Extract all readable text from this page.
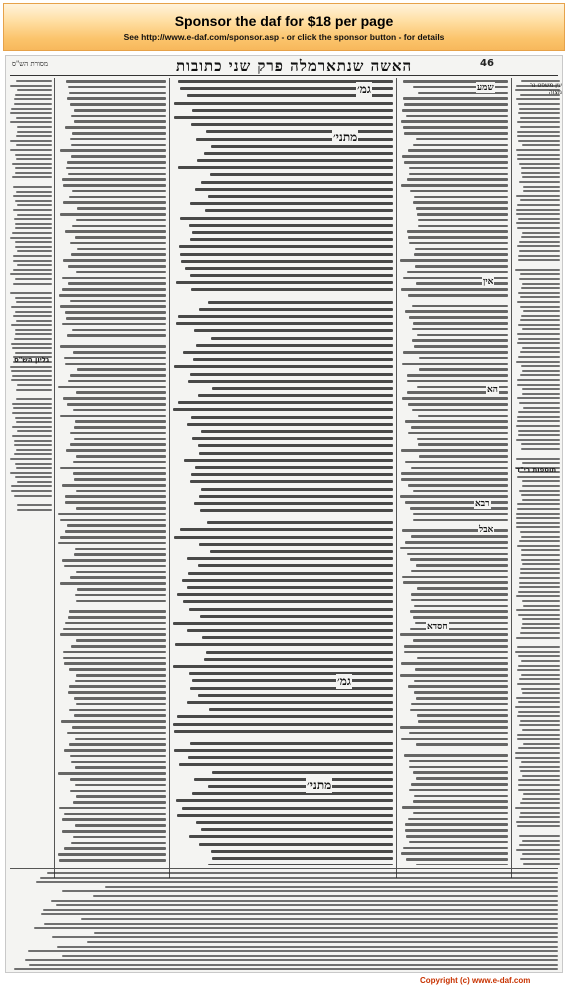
Sponsor the daf for $18 per page
See http://www.e-daf.com/sponsor.asp - or click the sponsor button - for details
מסורת הש"ס	האשה שנתארמלה פרק שני כתובות	46
גמ׳
מתני׳
שמע
אין
הא
רבא
אבל
גמ׳
מתני׳
חסדא
גליון הש"ס
תוספות רי"ד
עין משפט נר מצוה
Copyright (c) www.e-daf.com
